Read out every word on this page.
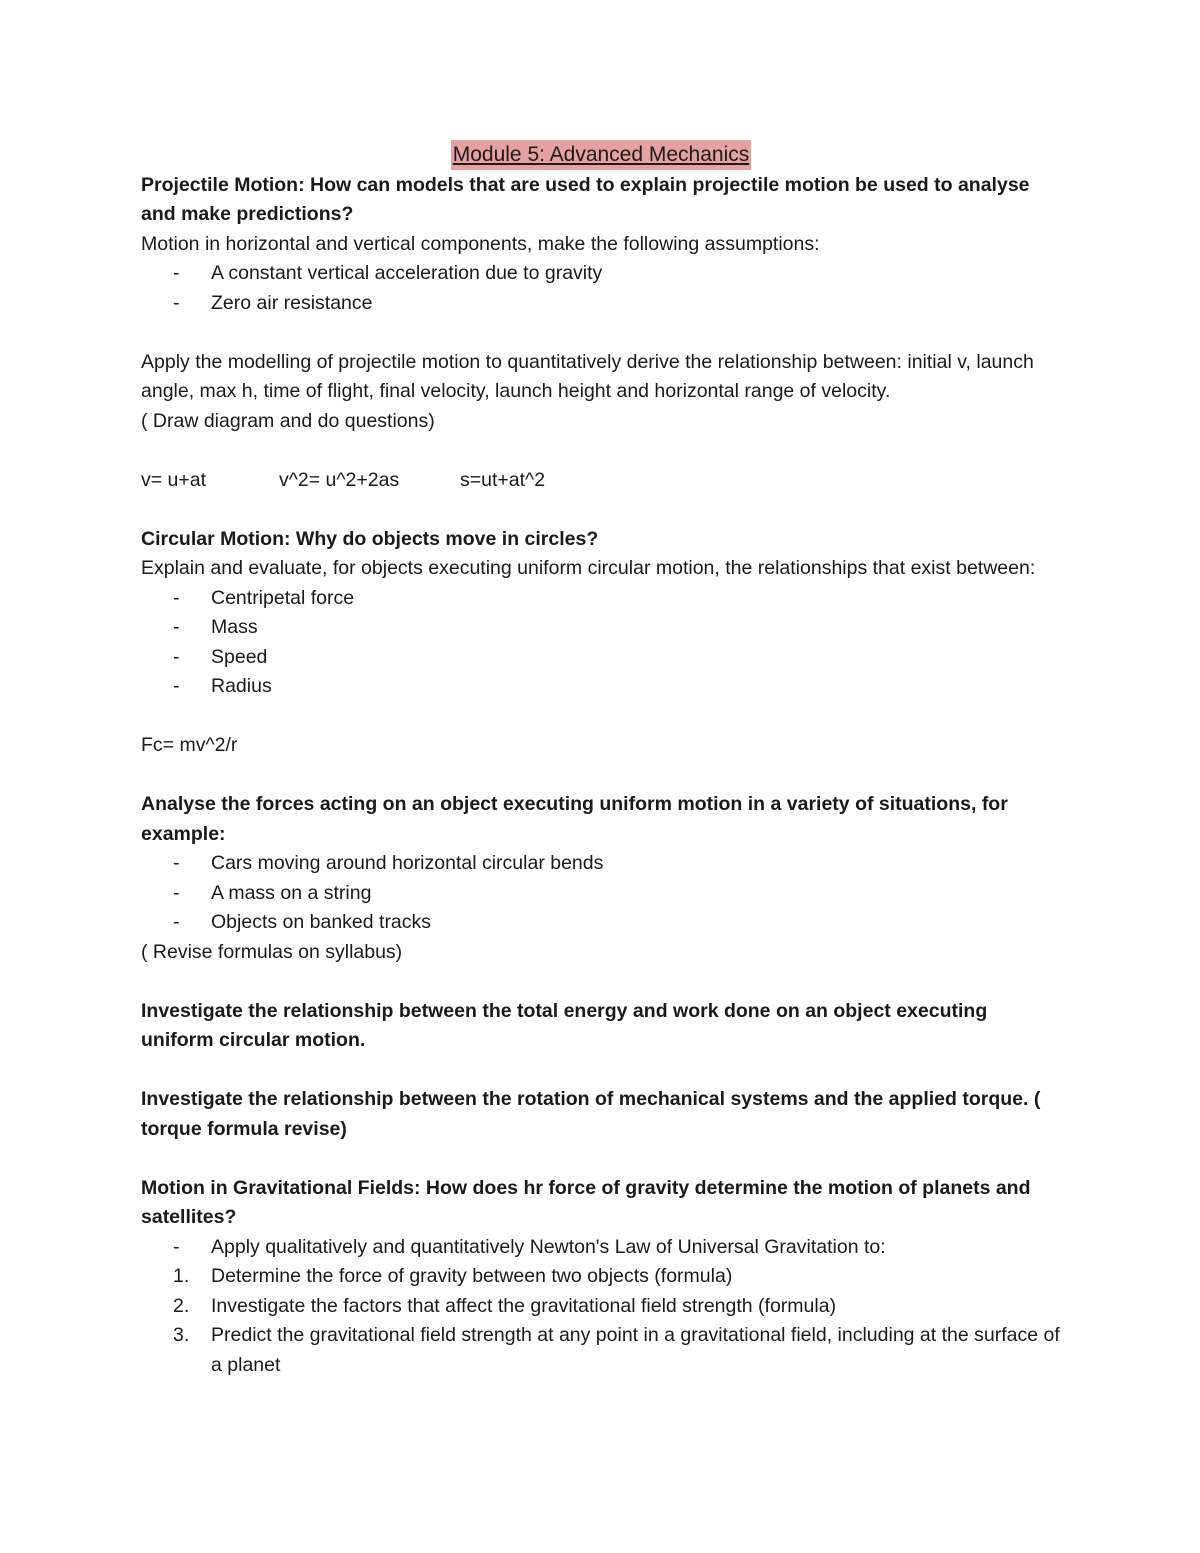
Module 5: Advanced Mechanics

Projectile Motion: How can models that are used to explain projectile motion be used to analyse and make predictions?

Motion in horizontal and vertical components, make the following assumptions:

- A constant vertical acceleration due to gravity
- Zero air resistance

Apply the modelling of projectile motion to quantitatively derive the relationship between: initial v, launch angle, max h, time of flight, final velocity, launch height and horizontal range of velocity.

( Draw diagram and do questions)

v= u+at	v^2= u^2+2as	s=ut+at^2

Circular Motion: Why do objects move in circles?

Explain and evaluate, for objects executing uniform circular motion, the relationships that exist between:

- Centripetal force
- Mass
- Speed
- Radius

Fc= mv^2/r

Analyse the forces acting on an object executing uniform motion in a variety of situations, for example:

- Cars moving around horizontal circular bends
- A mass on a string
- Objects on banked tracks

( Revise formulas on syllabus)

Investigate the relationship between the total energy and work done on an object executing uniform circular motion.

Investigate the relationship between the rotation of mechanical systems and the applied torque. ( torque formula revise)

Motion in Gravitational Fields: How does hr force of gravity determine the motion of planets and satellites?

- Apply qualitatively and quantitatively Newton's Law of Universal Gravitation to:
1. Determine the force of gravity between two objects (formula)
2. Investigate the factors that affect the gravitational field strength (formula)
3. Predict the gravitational field strength at any point in a gravitational field, including at the surface of a planet
